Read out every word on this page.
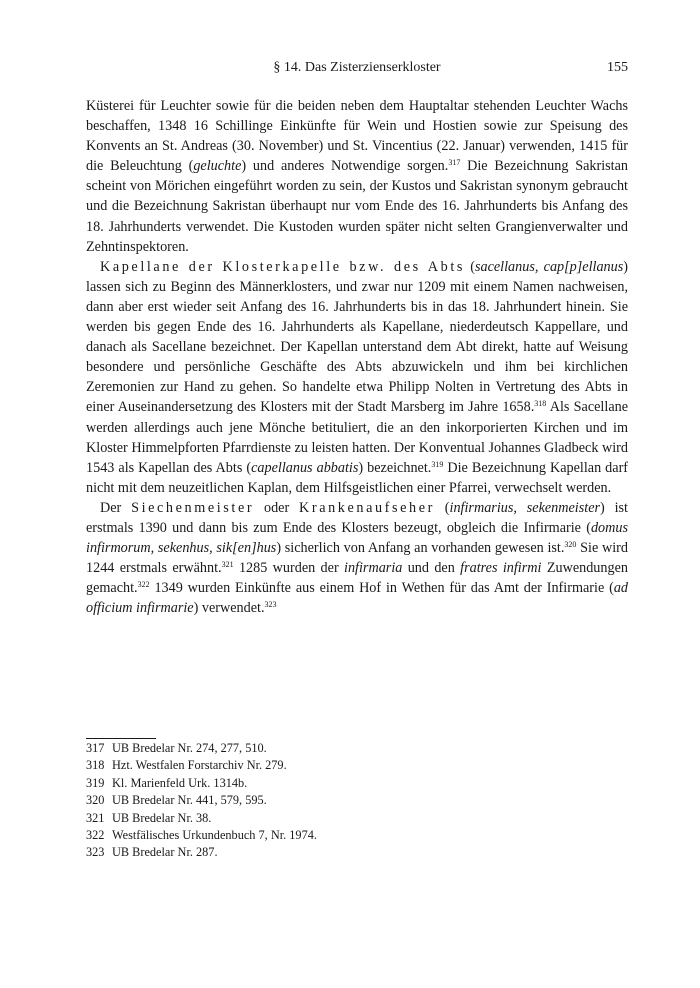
§ 14. Das Zisterzienserkloster	155

Küsterei für Leuchter sowie für die beiden neben dem Hauptaltar stehenden Leuchter Wachs beschaffen, 1348 16 Schillinge Einkünfte für Wein und Hostien sowie zur Speisung des Konvents an St. Andreas (30. November) und St. Vincentius (22. Januar) verwenden, 1415 für die Beleuchtung (geluchte) und anderes Notwendige sorgen.$^{317}$ Die Bezeichnung Sakristan scheint von Mörichen eingeführt worden zu sein, der Kustos und Sakristan synonym gebraucht und die Bezeichnung Sakristan überhaupt nur vom Ende des 16. Jahrhunderts bis Anfang des 18. Jahrhunderts verwendet. Die Kustoden wurden später nicht selten Grangienverwalter und Zehntinspektoren.

Kapellane der Klosterkapelle bzw. des Abts (sacellanus, cap[p]ellanus) lassen sich zu Beginn des Männerklosters, und zwar nur 1209 mit einem Namen nachweisen, dann aber erst wieder seit Anfang des 16. Jahrhunderts bis in das 18. Jahrhundert hinein. Sie werden bis gegen Ende des 16. Jahrhunderts als Kapellane, niederdeutsch Kappellare, und danach als Sacellane bezeichnet. Der Kapellan unterstand dem Abt direkt, hatte auf Weisung besondere und persönliche Geschäfte des Abts abzuwickeln und ihm bei kirchlichen Zeremonien zur Hand zu gehen. So handelte etwa Philipp Nolten in Vertretung des Abts in einer Auseinandersetzung des Klosters mit der Stadt Marsberg im Jahre 1658.$^{318}$ Als Sacellane werden allerdings auch jene Mönche betituliert, die an den inkorporierten Kirchen und im Kloster Himmelpforten Pfarrdienste zu leisten hatten. Der Konventual Johannes Gladbeck wird 1543 als Kapellan des Abts (capellanus abbatis) bezeichnet.$^{319}$ Die Bezeichnung Kapellan darf nicht mit dem neuzeitlichen Kaplan, dem Hilfsgeistlichen einer Pfarrei, verwechselt werden.

Der Siechenmeister oder Krankenaufseher (infirmarius, sekenmeister) ist erstmals 1390 und dann bis zum Ende des Klosters bezeugt, obgleich die Infirmarie (domus infirmorum, sekenhus, sik[en]hus) sicherlich von Anfang an vorhanden gewesen ist.$^{320}$ Sie wird 1244 erstmals erwähnt.$^{321}$ 1285 wurden der infirmaria und den fratres infirmi Zuwendungen gemacht.$^{322}$ 1349 wurden Einkünfte aus einem Hof in Wethen für das Amt der Infirmarie (ad officium infirmarie) verwendet.$^{323}$

317 UB Bredelar Nr. 274, 277, 510.
318 Hzt. Westfalen Forstarchiv Nr. 279.
319 Kl. Marienfeld Urk. 1314b.
320 UB Bredelar Nr. 441, 579, 595.
321 UB Bredelar Nr. 38.
322 Westfälisches Urkundenbuch 7, Nr. 1974.
323 UB Bredelar Nr. 287.
